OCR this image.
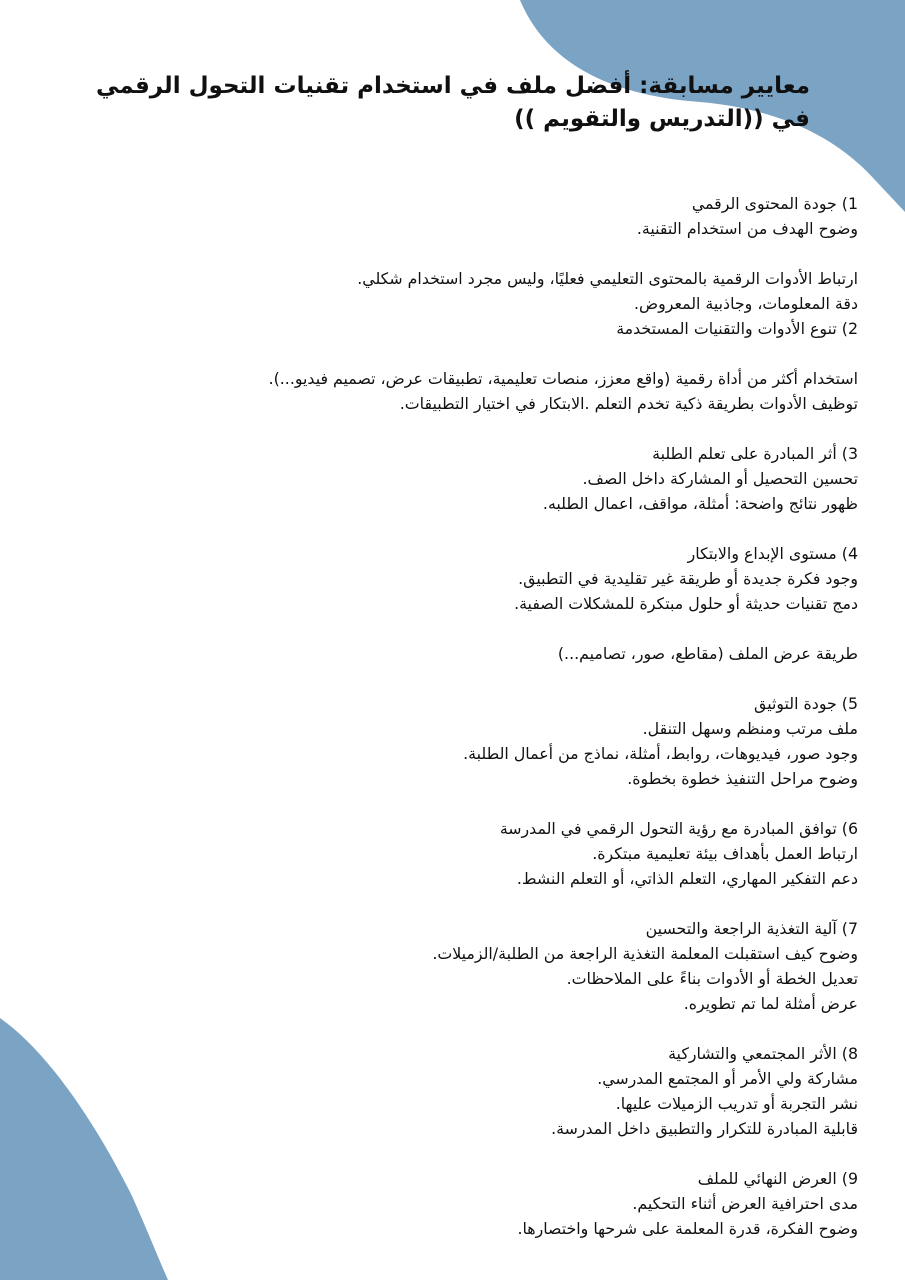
معايير مسابقة: أفضل ملف في استخدام تقنيات التحول الرقمي
في ((التدريس والتقويم ))
1) جودة المحتوى الرقمي
وضوح الهدف من استخدام التقنية.
ارتباط الأدوات الرقمية بالمحتوى التعليمي فعليًا، وليس مجرد استخدام شكلي.
دقة المعلومات، وجاذبية المعروض.
2) تنوع الأدوات والتقنيات المستخدمة
استخدام أكثر من أداة رقمية (واقع معزز، منصات تعليمية، تطبيقات عرض، تصميم فيديو...).
توظيف الأدوات بطريقة ذكية تخدم التعلم .الابتكار في اختيار التطبيقات.
3) أثر المبادرة على تعلم الطلبة
تحسين التحصيل أو المشاركة داخل الصف.
ظهور نتائج واضحة: أمثلة، مواقف، اعمال الطلبه.
4) مستوى الإبداع والابتكار
وجود فكرة جديدة أو طريقة غير تقليدية في التطبيق.
دمج تقنيات حديثة أو حلول مبتكرة للمشكلات الصفية.
طريقة عرض الملف (مقاطع، صور، تصاميم...)
5) جودة التوثيق
ملف مرتب ومنظم وسهل التنقل.
وجود صور، فيديوهات، روابط، أمثلة، نماذج من أعمال الطلبة.
وضوح مراحل التنفيذ خطوة بخطوة.
6) توافق المبادرة مع رؤية التحول الرقمي في المدرسة
ارتباط العمل بأهداف بيئة تعليمية مبتكرة.
دعم التفكير المهاري، التعلم الذاتي، أو التعلم النشط.
7) آلية التغذية الراجعة والتحسين
وضوح كيف استقبلت المعلمة التغذية الراجعة من الطلبة/الزميلات.
تعديل الخطة أو الأدوات بناءً على الملاحظات.
عرض أمثلة لما تم تطويره.
8) الأثر المجتمعي والتشاركية
مشاركة ولي الأمر أو المجتمع المدرسي.
نشر التجربة أو تدريب الزميلات عليها.
قابلية المبادرة للتكرار والتطبيق داخل المدرسة.
9) العرض النهائي للملف
مدى احترافية العرض أثناء التحكيم.
وضوح الفكرة، قدرة المعلمة على شرحها واختصارها.
